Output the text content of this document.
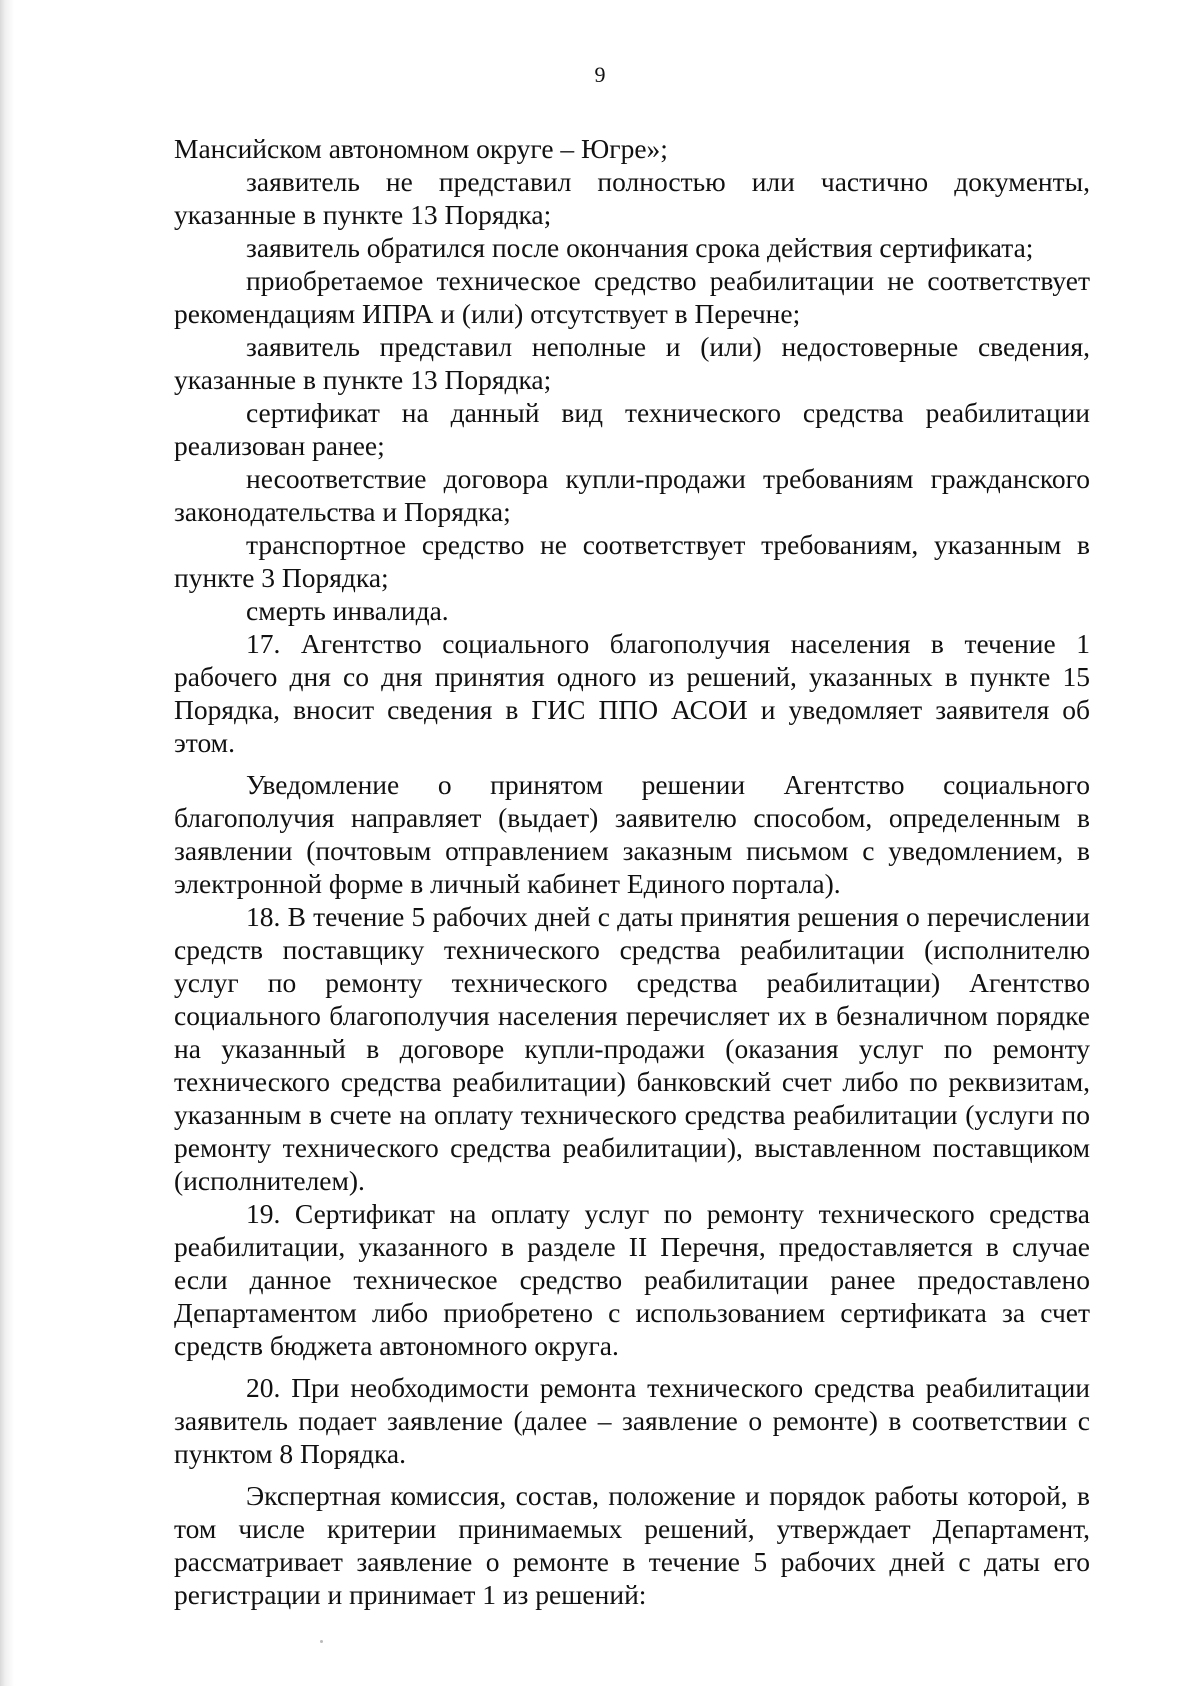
9

Мансийском автономном округе – Югре»;

заявитель не представил полностью или частично документы, указанные в пункте 13 Порядка;

заявитель обратился после окончания срока действия сертификата;

приобретаемое техническое средство реабилитации не соответствует рекомендациям ИПРА и (или) отсутствует в Перечне;

заявитель представил неполные и (или) недостоверные сведения, указанные в пункте 13 Порядка;

сертификат на данный вид технического средства реабилитации реализован ранее;

несоответствие договора купли-продажи требованиям гражданского законодательства и Порядка;

транспортное средство не соответствует требованиям, указанным в пункте 3 Порядка;

смерть инвалида.

17. Агентство социального благополучия населения в течение 1 рабочего дня со дня принятия одного из решений, указанных в пункте 15 Порядка, вносит сведения в ГИС ППО АСОИ и уведомляет заявителя об этом.

Уведомление о принятом решении Агентство социального благополучия направляет (выдает) заявителю способом, определенным в заявлении (почтовым отправлением заказным письмом с уведомлением, в электронной форме в личный кабинет Единого портала).

18. В течение 5 рабочих дней с даты принятия решения о перечислении средств поставщику технического средства реабилитации (исполнителю услуг по ремонту технического средства реабилитации) Агентство социального благополучия населения перечисляет их в безналичном порядке на указанный в договоре купли-продажи (оказания услуг по ремонту технического средства реабилитации) банковский счет либо по реквизитам, указанным в счете на оплату технического средства реабилитации (услуги по ремонту технического средства реабилитации), выставленном поставщиком (исполнителем).

19. Сертификат на оплату услуг по ремонту технического средства реабилитации, указанного в разделе II Перечня, предоставляется в случае если данное техническое средство реабилитации ранее предоставлено Департаментом либо приобретено с использованием сертификата за счет средств бюджета автономного округа.

20. При необходимости ремонта технического средства реабилитации заявитель подает заявление (далее – заявление о ремонте) в соответствии с пунктом 8 Порядка.

Экспертная комиссия, состав, положение и порядок работы которой, в том числе критерии принимаемых решений, утверждает Департамент, рассматривает заявление о ремонте в течение 5 рабочих дней с даты его регистрации и принимает 1 из решений:
